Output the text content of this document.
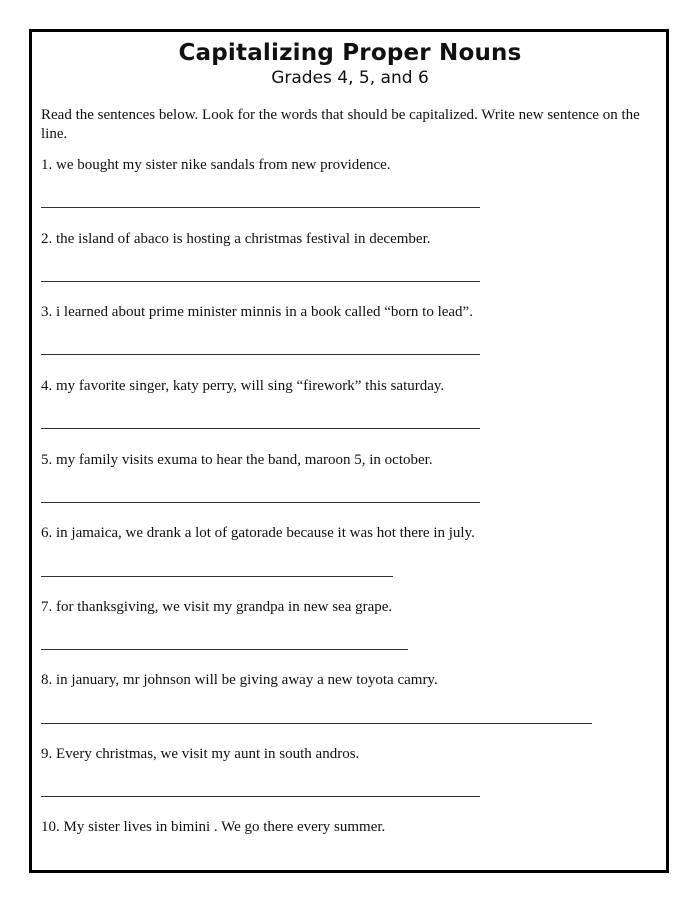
Capitalizing Proper Nouns
Grades 4, 5, and 6
Read the sentences below. Look for the words that should be capitalized. Write new sentence on the line.
1. we bought my sister nike sandals from new providence.
2. the island of abaco is hosting a christmas festival in december.
3. i learned about prime minister minnis in a book called “born to lead”.
4. my favorite singer, katy perry, will sing “firework” this saturday.
5. my family visits exuma to hear the band, maroon 5, in october.
6. in jamaica, we drank a lot of gatorade because it was hot there in july.
7. for thanksgiving, we visit my grandpa in new sea grape.
8. in january, mr johnson will be giving away a new toyota camry.
9. Every christmas, we visit my aunt in south andros.
10. My sister lives in bimini . We go there every summer.
